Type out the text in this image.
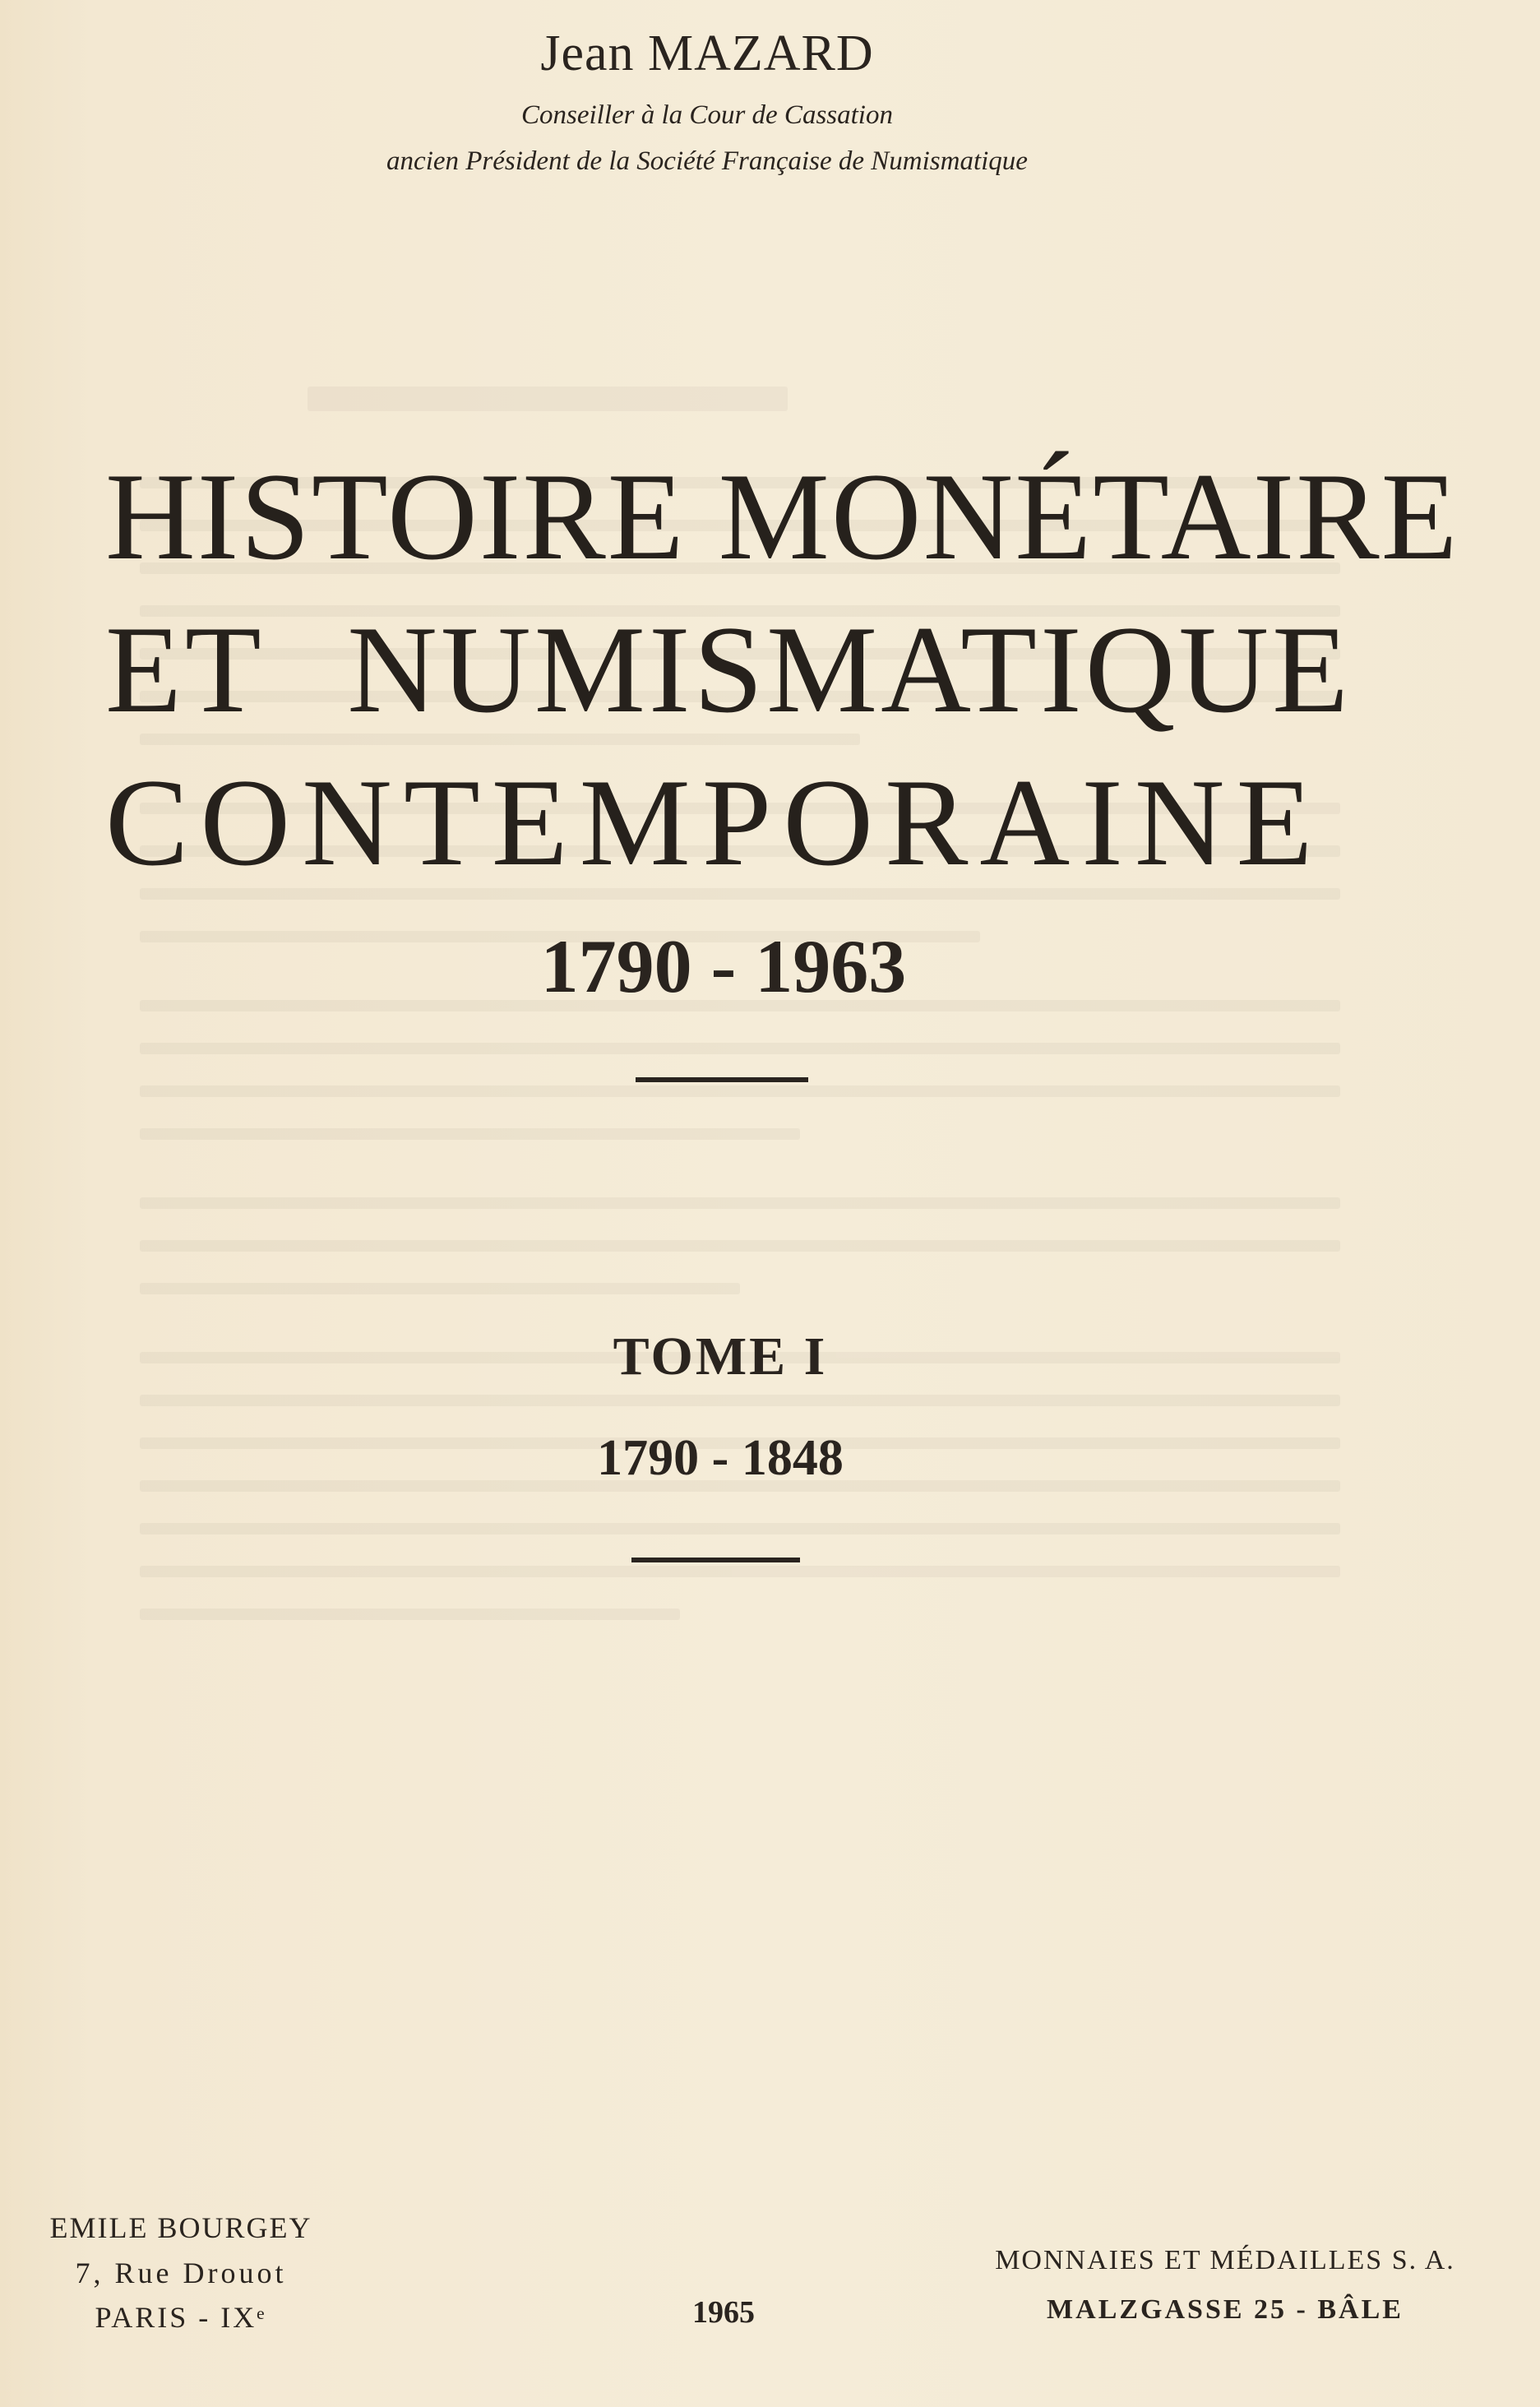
Jean MAZARD
Conseiller à la Cour de Cassation
ancien Président de la Société Française de Numismatique
HISTOIRE MONÉTAIRE
ET NUMISMATIQUE
CONTEMPORAINE
1790 - 1963
TOME I
1790 - 1848
EMILE BOURGEY
7, Rue Drouot
PARIS - IXᵉ	1965
MONNAIES ET MÉDAILLES S. A.
MALZGASSE 25 - BÂLE
